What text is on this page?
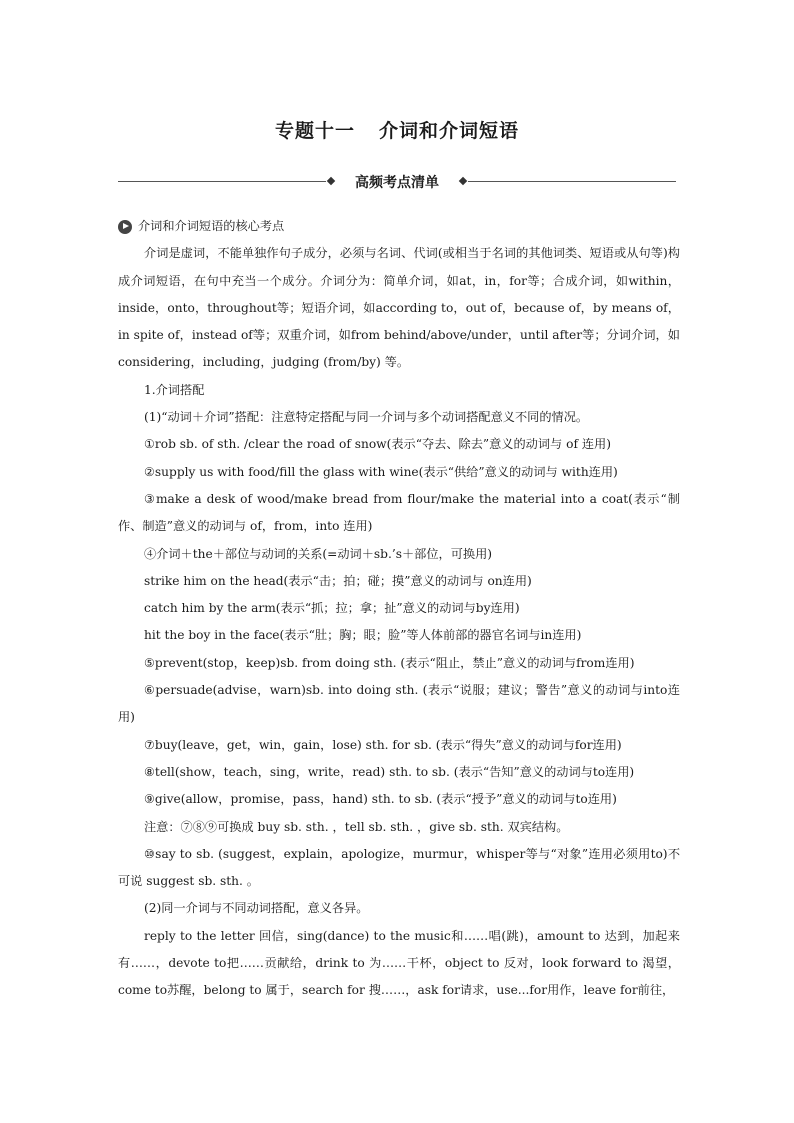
专题十一 介词和介词短语
高频考点清单

介词和介词短语的核心考点

介词是虚词，不能单独作句子成分，必须与名词、代词(或相当于名词的其他词类、短语或从句等)构成介词短语，在句中充当一个成分。介词分为：简单介词，如at，in，for等；合成介词，如within，inside，onto，throughout等；短语介词，如according to，out of，because of，by means of，in spite of，instead of等；双重介词，如from behind/above/under，until after等；分词介词，如considering，including，judging (from/by) 等。

1.介词搭配

(1)“动词＋介词”搭配：注意特定搭配与同一介词与多个动词搭配意义不同的情况。

①rob sb. of sth. /clear the road of snow(表示“夺去、除去”意义的动词与 of 连用)

②supply us with food/fill the glass with wine(表示“供给”意义的动词与 with连用)

③make a desk of wood/make bread from flour/make the material into a coat(表示“制作、制造”意义的动词与 of，from，into 连用)

④介词＋the＋部位与动词的关系(=动词＋sb.’s＋部位，可换用)

strike him on the head(表示“击；拍；碰；摸”意义的动词与 on连用)

catch him by the arm(表示“抓；拉；拿；扯”意义的动词与by连用)

hit the boy in the face(表示“肚；胸；眼；脸”等人体前部的器官名词与in连用)

⑤prevent(stop，keep)sb. from doing sth. (表示“阻止，禁止”意义的动词与from连用)

⑥persuade(advise，warn)sb. into doing sth. (表示“说服；建议；警告”意义的动词与into连用)

⑦buy(leave，get，win，gain，lose) sth. for sb. (表示“得失”意义的动词与for连用)

⑧tell(show，teach，sing，write，read) sth. to sb. (表示“告知”意义的动词与to连用)

⑨give(allow，promise，pass，hand) sth. to sb. (表示“授予”意义的动词与to连用)

注意：⑦⑧⑨可换成 buy sb. sth. ，tell sb. sth. ，give sb. sth. 双宾结构。

⑩say to sb. (suggest，explain，apologize，murmur，whisper等与“对象”连用必须用to)不可说 suggest sb. sth. 。

(2)同一介词与不同动词搭配，意义各异。

reply to the letter 回信，sing(dance) to the music和……唱(跳)，amount to 达到，加起来有……，devote to把……贡献给，drink to 为……干杯，object to 反对，look forward to 渴望，come to苏醒，belong to 属于，search for 搜……，ask for请求，use...for用作，leave for前往，
